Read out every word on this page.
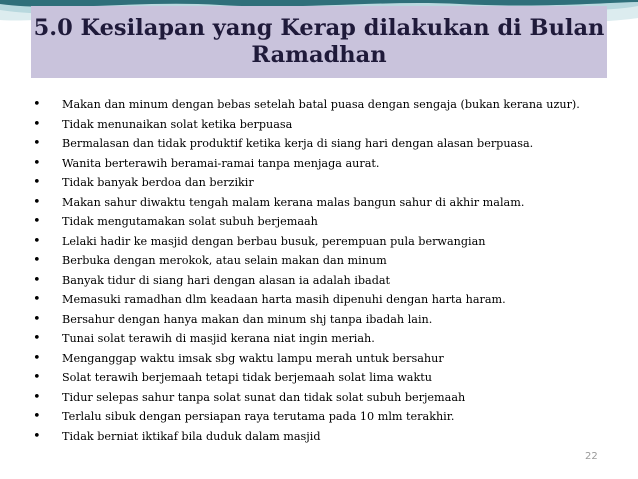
5.0 Kesilapan yang Kerap dilakukan di Bulan
Ramadhan
• Makan dan minum dengan bebas setelah batal puasa dengan sengaja (bukan kerana uzur).
• Tidak menunaikan solat ketika berpuasa
• Bermalasan dan tidak produktif ketika kerja di siang hari dengan alasan berpuasa.
• Wanita berterawih beramai-ramai tanpa menjaga aurat.
• Tidak banyak berdoa dan berzikir
• Makan sahur diwaktu tengah malam kerana malas bangun sahur di akhir malam.
• Tidak mengutamakan solat subuh berjemaah
• Lelaki hadir ke masjid dengan berbau busuk, perempuan pula berwangian
• Berbuka dengan merokok, atau selain makan dan minum
• Banyak tidur di siang hari dengan alasan ia adalah ibadat
• Memasuki ramadhan dlm keadaan harta masih dipenuhi dengan harta haram.
• Bersahur dengan hanya makan dan minum shj tanpa ibadah lain.
• Tunai solat terawih di masjid kerana niat ingin meriah.
• Menganggap waktu imsak sbg waktu lampu merah untuk bersahur
• Solat terawih berjemaah tetapi tidak berjemaah solat lima waktu
• Tidur selepas sahur tanpa solat sunat dan tidak solat subuh berjemaah
• Terlalu sibuk dengan persiapan raya terutama pada 10 mlm terakhir.
• Tidak berniat iktikaf bila duduk dalam masjid
22
